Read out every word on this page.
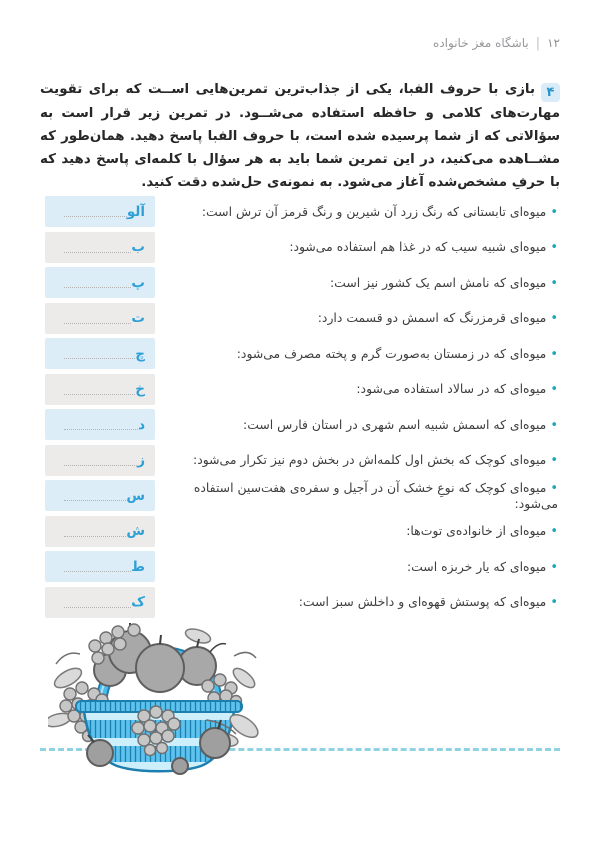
۱۲|باشگاه مغز خانواده
۴بازی با حروف الفبا، یکی از جذاب‌ترین تمرین‌هایی اســت که برای تقویت مهارت‌های کلامی و حافظه استفاده می‌شــود. در تمرین زیر قرار است به سؤالاتی که از شما پرسیده شده است، با حروف الفبا پاسخ دهید. همان‌طور که مشــاهده می‌کنید، در این تمرین شما باید به هر سؤال با کلمه‌ای پاسخ دهید که با حرفِ مشخص‌شده آغاز می‌شود. به نمونه‌ی حل‌شده دقت کنید.
آلو	•میوه‌ای تابستانی که رنگ زرد آن شیرین و رنگ قرمز آن ترش است:
ب	•میوه‌ای شبیه سیب که در غذا هم استفاده می‌شود:
پ	•میوه‌ای که نامش اسم یک کشور نیز است:
ت	•میوه‌ای قرمزرنگ که اسمش دو قسمت دارد:
چ	•میوه‌ای که در زمستان به‌صورت گرم و پخته مصرف می‌شود:
خ	•میوه‌ای که در سالاد استفاده می‌شود:
د	•میوه‌ای که اسمش شبیه اسم شهری در استان فارس است:
ز	•میوه‌ای کوچک که بخش اول کلمه‌اش در بخش دوم نیز تکرار می‌شود:
س	•میوه‌ای کوچک که نوعِ خشک آن در آجیل و سفره‌ی هفت‌سین استفاده می‌شود:
ش	•میوه‌ای از خانواده‌ی توت‌ها:
ط	•میوه‌ای که یار خربزه است:
ک	•میوه‌ای که پوستش قهوه‌ای و داخلش سبز است:
